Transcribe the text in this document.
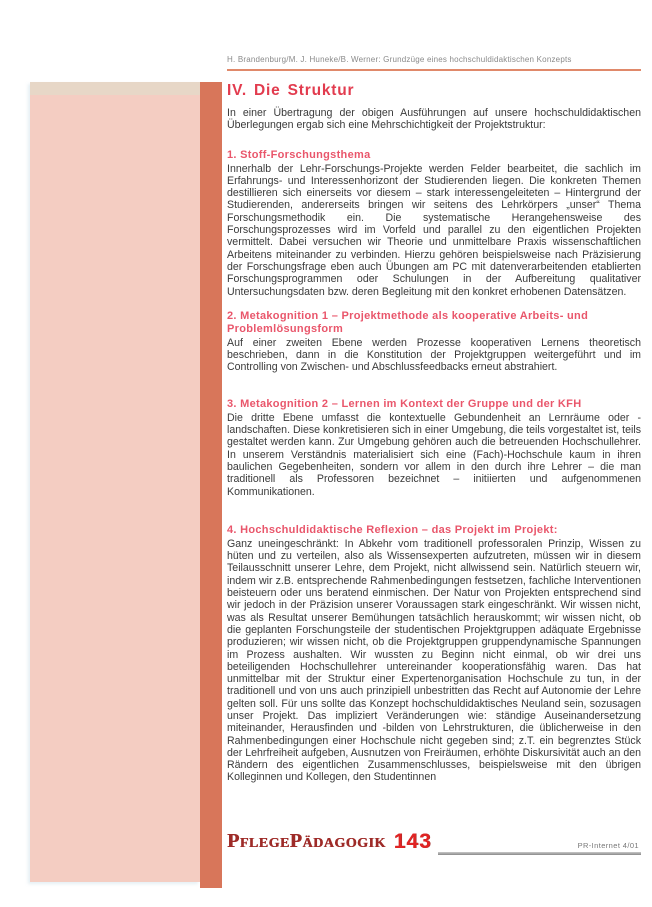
H. Brandenburg/M. J. Huneke/B. Werner: Grundzüge eines hochschuldidaktischen Konzepts
IV. Die Struktur
In einer Übertragung der obigen Ausführungen auf unsere hochschuldidaktischen Überlegungen ergab sich eine Mehrschichtigkeit der Projektstruktur:
1. Stoff-Forschungsthema
Innerhalb der Lehr-Forschungs-Projekte werden Felder bearbeitet, die sachlich im Erfahrungs- und Interessenhorizont der Studierenden liegen. Die konkreten Themen destillieren sich einerseits vor diesem – stark interessengeleiteten – Hintergrund der Studierenden, andererseits bringen wir seitens des Lehrkörpers „unser“ Thema Forschungsmethodik ein. Die systematische Herangehensweise des Forschungsprozesses wird im Vorfeld und parallel zu den eigentlichen Projekten vermittelt. Dabei versuchen wir Theorie und unmittelbare Praxis wissenschaftlichen Arbeitens miteinander zu verbinden. Hierzu gehören beispielsweise nach Präzisierung der Forschungsfrage eben auch Übungen am PC mit datenverarbeitenden etablierten Forschungsprogrammen oder Schulungen in der Aufbereitung qualitativer Untersuchungsdaten bzw. deren Begleitung mit den konkret erhobenen Datensätzen.
2. Metakognition 1 – Projektmethode als kooperative Arbeits- und Problemlösungsform
Auf einer zweiten Ebene werden Prozesse kooperativen Lernens theoretisch beschrieben, dann in die Konstitution der Projektgruppen weitergeführt und im Controlling von Zwischen- und Abschlussfeedbacks erneut abstrahiert.
3. Metakognition 2 – Lernen im Kontext der Gruppe und der KFH
Die dritte Ebene umfasst die kontextuelle Gebundenheit an Lernräume oder -landschaften. Diese konkretisieren sich in einer Umgebung, die teils vorgestaltet ist, teils gestaltet werden kann. Zur Umgebung gehören auch die betreuenden Hochschullehrer. In unserem Verständnis materialisiert sich eine (Fach)-Hochschule kaum in ihren baulichen Gegebenheiten, sondern vor allem in den durch ihre Lehrer – die man traditionell als Professoren bezeichnet – initiierten und aufgenommenen Kommunikationen.
4. Hochschuldidaktische Reflexion – das Projekt im Projekt:
Ganz uneingeschränkt: In Abkehr vom traditionell professoralen Prinzip, Wissen zu hüten und zu verteilen, also als Wissensexperten aufzutreten, müssen wir in diesem Teilausschnitt unserer Lehre, dem Projekt, nicht allwissend sein. Natürlich steuern wir, indem wir z.B. entsprechende Rahmenbedingungen festsetzen, fachliche Interventionen beisteuern oder uns beratend einmischen. Der Natur von Projekten entsprechend sind wir jedoch in der Präzision unserer Voraussagen stark eingeschränkt. Wir wissen nicht, was als Resultat unserer Bemühungen tatsächlich herauskommt; wir wissen nicht, ob die geplanten Forschungsteile der studentischen Projektgruppen adäquate Ergebnisse produzieren; wir wissen nicht, ob die Projektgruppen gruppendynamische Spannungen im Prozess aushalten. Wir wussten zu Beginn nicht einmal, ob wir drei uns beteiligenden Hochschullehrer untereinander kooperationsfähig waren. Das hat unmittelbar mit der Struktur einer Expertenorganisation Hochschule zu tun, in der traditionell und von uns auch prinzipiell unbestritten das Recht auf Autonomie der Lehre gelten soll. Für uns sollte das Konzept hochschuldidaktisches Neuland sein, sozusagen unser Projekt. Das impliziert Veränderungen wie: ständige Auseinandersetzung miteinander, Herausfinden und -bilden von Lehrstrukturen, die üblicherweise in den Rahmenbedingungen einer Hochschule nicht gegeben sind; z.T. ein begrenztes Stück der Lehrfreiheit aufgeben, Ausnutzen von Freiräumen, erhöhte Diskursivität auch an den Rändern des eigentlichen Zusammenschlusses, beispielsweise mit den übrigen Kolleginnen und Kollegen, den Studentinnen
PflegePädagogik 143	PR-Internet 4/01
